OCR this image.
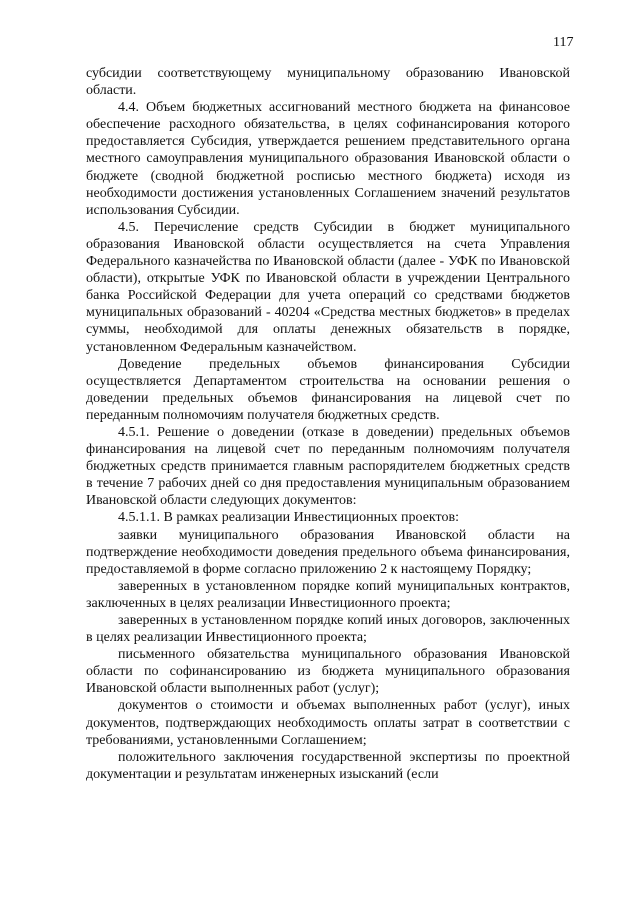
117

субсидии соответствующему муниципальному образованию Ивановской области.

4.4. Объем бюджетных ассигнований местного бюджета на финансовое обеспечение расходного обязательства, в целях софинансирования которого предоставляется Субсидия, утверждается решением представительного органа местного самоуправления муниципального образования Ивановской области о бюджете (сводной бюджетной росписью местного бюджета) исходя из необходимости достижения установленных Соглашением значений результатов использования Субсидии.

4.5. Перечисление средств Субсидии в бюджет муниципального образования Ивановской области осуществляется на счета Управления Федерального казначейства по Ивановской области (далее - УФК по Ивановской области), открытые УФК по Ивановской области в учреждении Центрального банка Российской Федерации для учета операций со средствами бюджетов муниципальных образований - 40204 «Средства местных бюджетов» в пределах суммы, необходимой для оплаты денежных обязательств в порядке, установленном Федеральным казначейством.

Доведение предельных объемов финансирования Субсидии осуществляется Департаментом строительства на основании решения о доведении предельных объемов финансирования на лицевой счет по переданным полномочиям получателя бюджетных средств.

4.5.1. Решение о доведении (отказе в доведении) предельных объемов финансирования на лицевой счет по переданным полномочиям получателя бюджетных средств принимается главным распорядителем бюджетных средств в течение 7 рабочих дней со дня предоставления муниципальным образованием Ивановской области следующих документов:

4.5.1.1. В рамках реализации Инвестиционных проектов:

заявки муниципального образования Ивановской области на подтверждение необходимости доведения предельного объема финансирования, предоставляемой в форме согласно приложению 2 к настоящему Порядку;

заверенных в установленном порядке копий муниципальных контрактов, заключенных в целях реализации Инвестиционного проекта;

заверенных в установленном порядке копий иных договоров, заключенных в целях реализации Инвестиционного проекта;

письменного обязательства муниципального образования Ивановской области по софинансированию из бюджета муниципального образования Ивановской области выполненных работ (услуг);

документов о стоимости и объемах выполненных работ (услуг), иных документов, подтверждающих необходимость оплаты затрат в соответствии с требованиями, установленными Соглашением;

положительного заключения государственной экспертизы по проектной документации и результатам инженерных изысканий (если
